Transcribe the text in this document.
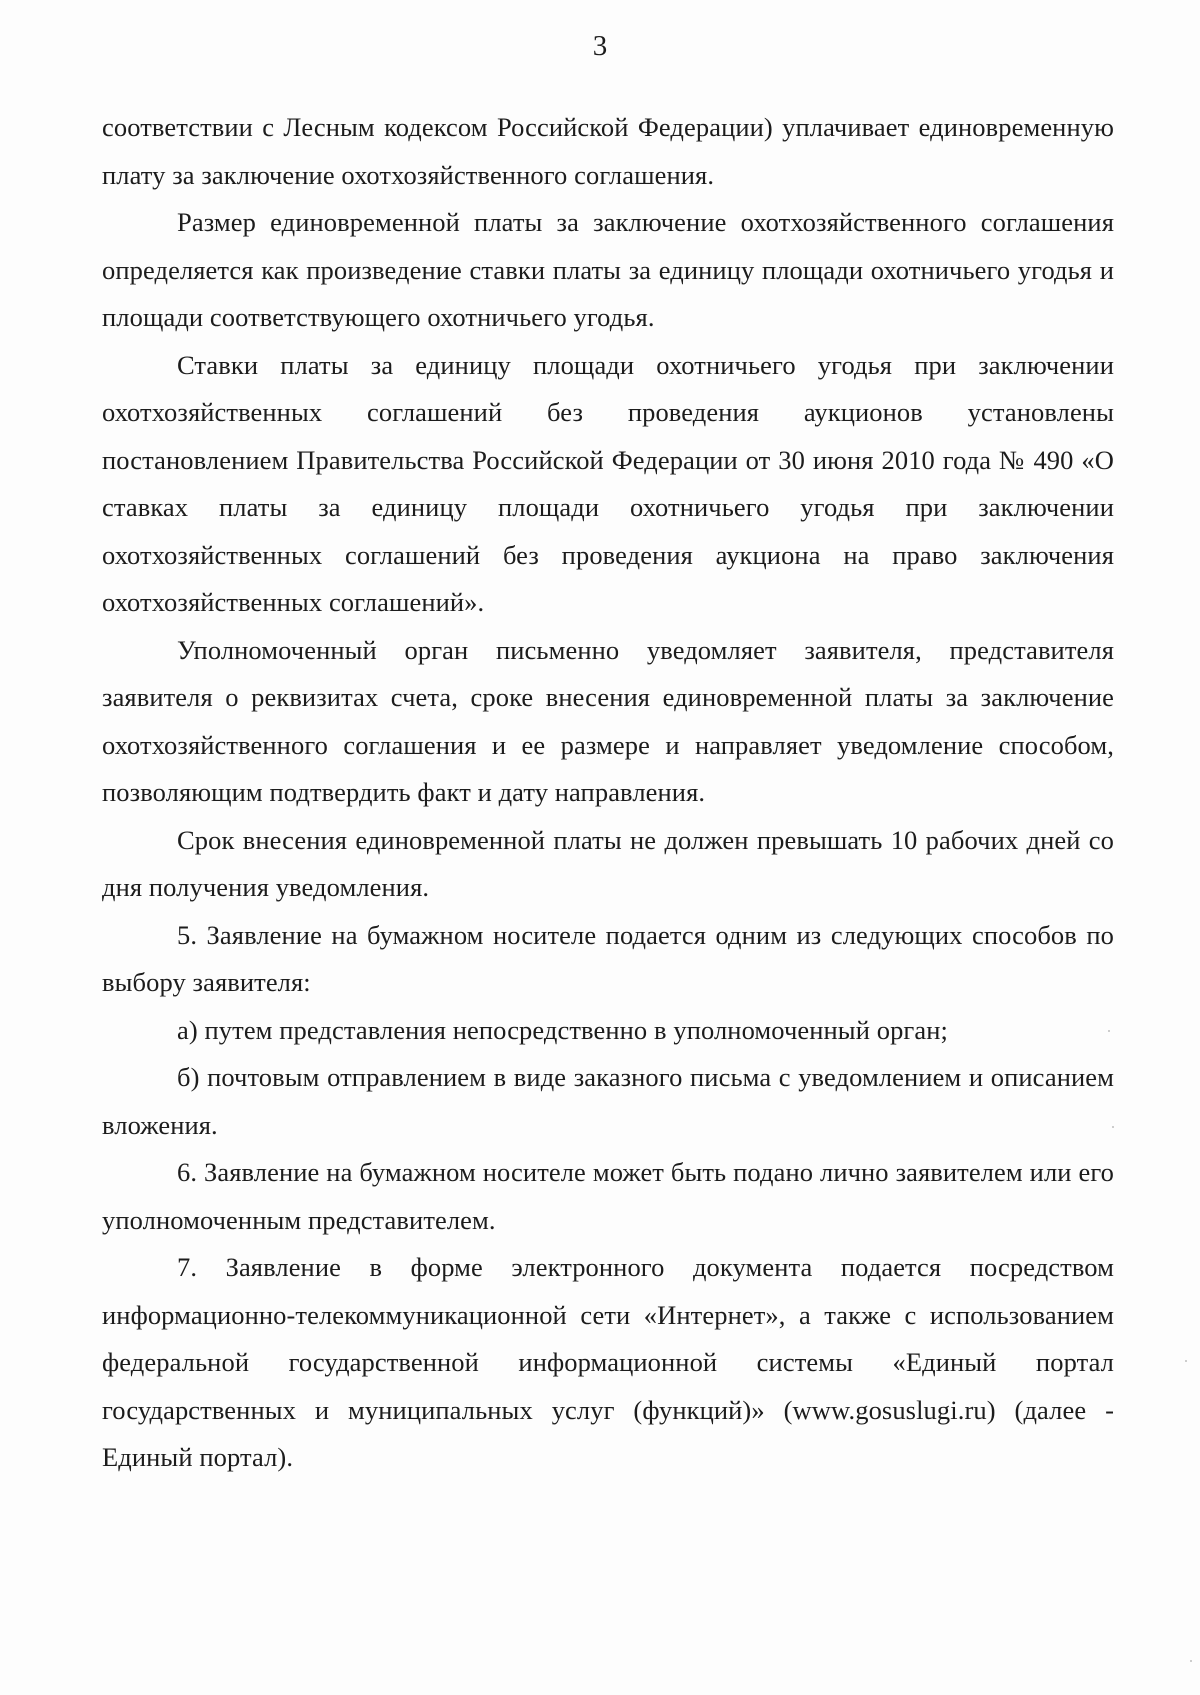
3

соответствии с Лесным кодексом Российской Федерации) уплачивает единовременную плату за заключение охотхозяйственного соглашения.

Размер единовременной платы за заключение охотхозяйственного соглашения определяется как произведение ставки платы за единицу площади охотничьего угодья и площади соответствующего охотничьего угодья.

Ставки платы за единицу площади охотничьего угодья при заключении охотхозяйственных соглашений без проведения аукционов установлены постановлением Правительства Российской Федерации от 30 июня 2010 года № 490 «О ставках платы за единицу площади охотничьего угодья при заключении охотхозяйственных соглашений без проведения аукциона на право заключения охотхозяйственных соглашений».

Уполномоченный орган письменно уведомляет заявителя, представителя заявителя о реквизитах счета, сроке внесения единовременной платы за заключение охотхозяйственного соглашения и ее размере и направляет уведомление способом, позволяющим подтвердить факт и дату направления.

Срок внесения единовременной платы не должен превышать 10 рабочих дней со дня получения уведомления.

5. Заявление на бумажном носителе подается одним из следующих способов по выбору заявителя:

а) путем представления непосредственно в уполномоченный орган;

б) почтовым отправлением в виде заказного письма с уведомлением и описанием вложения.

6. Заявление на бумажном носителе может быть подано лично заявителем или его уполномоченным представителем.

7. Заявление в форме электронного документа подается посредством информационно-телекоммуникационной сети «Интернет», а также с использованием федеральной государственной информационной системы «Единый портал государственных и муниципальных услуг (функций)» (www.gosuslugi.ru) (далее - Единый портал).
